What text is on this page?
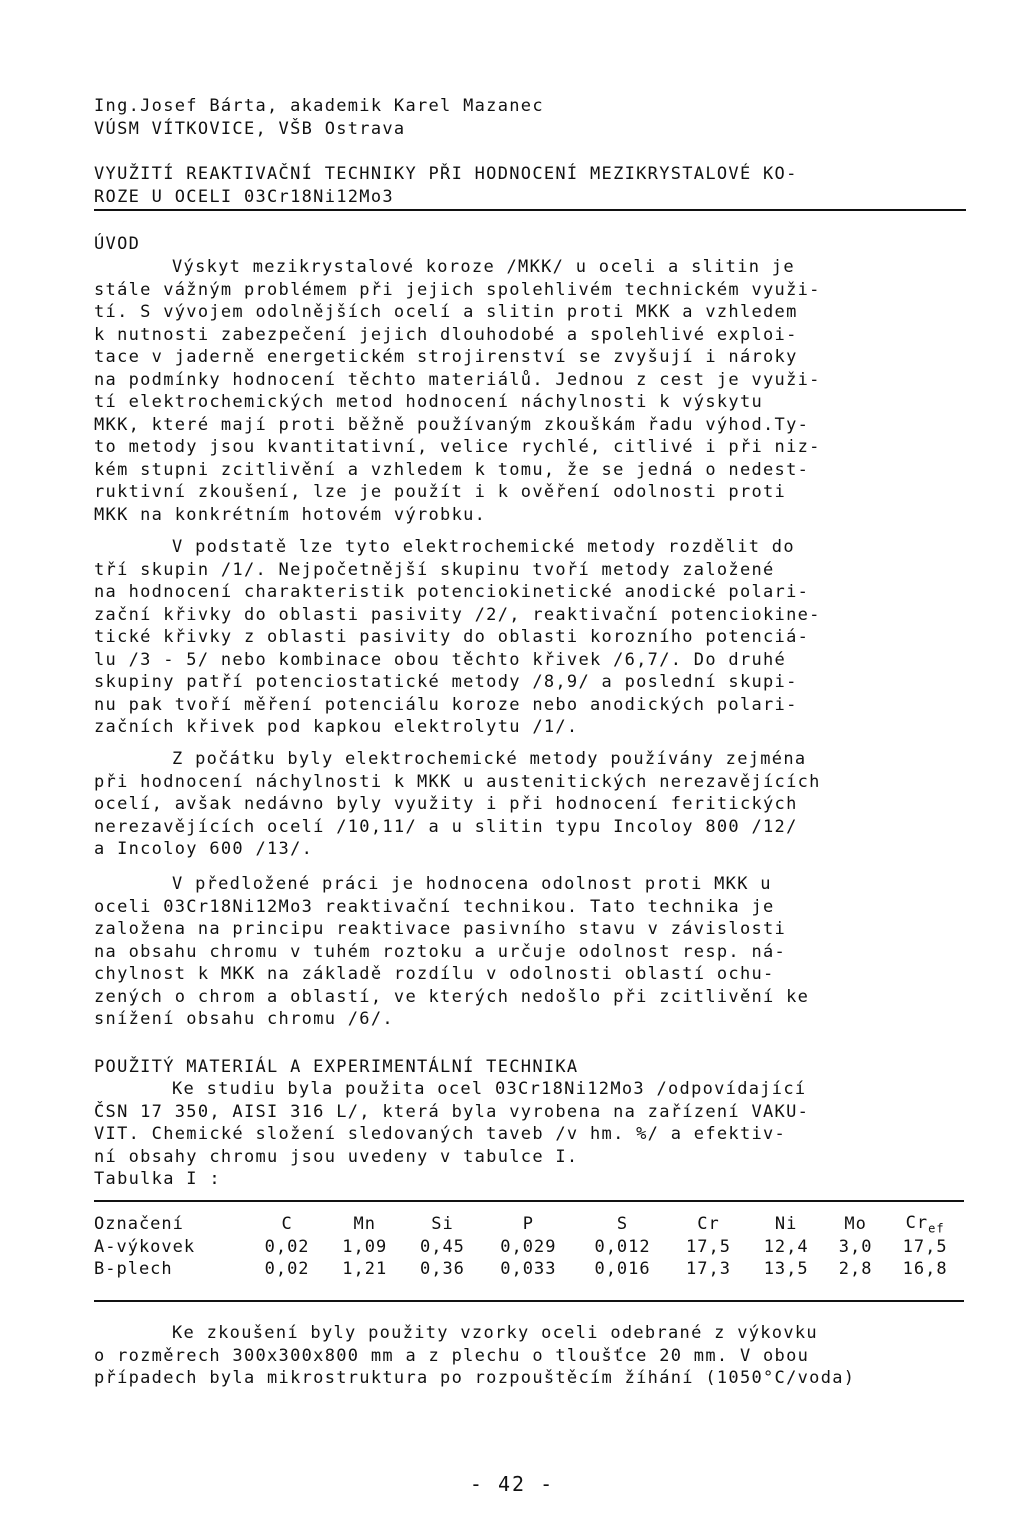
Ing.Josef Bárta, akademik Karel Mazanec
VÚSM VÍTKOVICE, VŠB Ostrava
VYUŽITÍ REAKTIVAČNÍ TECHNIKY PŘI HODNOCENÍ MEZIKRYSTALOVÉ KO-
ROZE U OCELI 03Cr18Ni12Mo3
ÚVOD
Výskyt mezikrystalové koroze /MKK/ u oceli a slitin je
stále vážným problémem při jejich spolehlivém technickém využi-
tí. S vývojem odolnějších ocelí a slitin proti MKK a vzhledem
k nutnosti zabezpečení jejich dlouhodobé a spolehlivé exploi-
tace v jaderně energetickém strojirenství se zvyšují i nároky
na podmínky hodnocení těchto materiálů. Jednou z cest je využi-
tí elektrochemických metod hodnocení náchylnosti k výskytu
MKK, které mají proti běžně používaným zkouškám řadu výhod.Ty-
to metody jsou kvantitativní, velice rychlé, citlivé i při niz-
kém stupni zcitlivění a vzhledem k tomu, že se jedná o nedest-
ruktivní zkoušení, lze je použít i k ověření odolnosti proti
MKK na konkrétním hotovém výrobku.
V podstatě lze tyto elektrochemické metody rozdělit do
tří skupin /1/. Nejpočetnější skupinu tvoří metody založené
na hodnocení charakteristik potenciokinetické anodické polari-
zační křivky do oblasti pasivity /2/, reaktivační potenciokine-
tické křivky z oblasti pasivity do oblasti korozního potenciá-
lu /3 - 5/ nebo kombinace obou těchto křivek /6,7/. Do druhé
skupiny patří potenciostatické metody /8,9/ a poslední skupi-
nu pak tvoří měření potenciálu koroze nebo anodických polari-
začních křivek pod kapkou elektrolytu /1/.
Z počátku byly elektrochemické metody používány zejména
při hodnocení náchylnosti k MKK u austenitických nerezavějících
ocelí, avšak nedávno byly využity i při hodnocení feritických
nerezavějících ocelí /10,11/ a u slitin typu Incoloy 800 /12/
a Incoloy 600 /13/.
V předložené práci je hodnocena odolnost proti MKK u
oceli 03Cr18Ni12Mo3 reaktivační technikou. Tato technika je
založena na principu reaktivace pasivního stavu v závislosti
na obsahu chromu v tuhém roztoku a určuje odolnost resp. ná-
chylnost k MKK na základě rozdílu v odolnosti oblastí ochu-
zených o chrom a oblastí, ve kterých nedošlo při zcitlivění ke
snížení obsahu chromu /6/.
POUŽITÝ MATERIÁL A EXPERIMENTÁLNÍ TECHNIKA
Ke studiu byla použita ocel 03Cr18Ni12Mo3 /odpovídající
ČSN 17 350, AISI 316 L/, která byla vyrobena na zařízení VAKU-
VIT. Chemické složení sledovaných taveb /v hm. %/ a efektiv-
ní obsahy chromu jsou uvedeny v tabulce I.
Tabulka I :
Označení	C	Mn	Si	P	S	Cr	Ni	Mo	$Cr_{ef}$
A-výkovek	0,02	1,09	0,45	0,029	0,012	17,5	12,4	3,0	17,5
B-plech	0,02	1,21	0,36	0,033	0,016	17,3	13,5	2,8	16,8
Ke zkoušení byly použity vzorky oceli odebrané z výkovku
o rozměrech 300x300x800 mm a z plechu o tloušťce 20 mm. V obou
případech byla mikrostruktura po rozpouštěcím žíhání (1050°C/voda)
- 42 -
